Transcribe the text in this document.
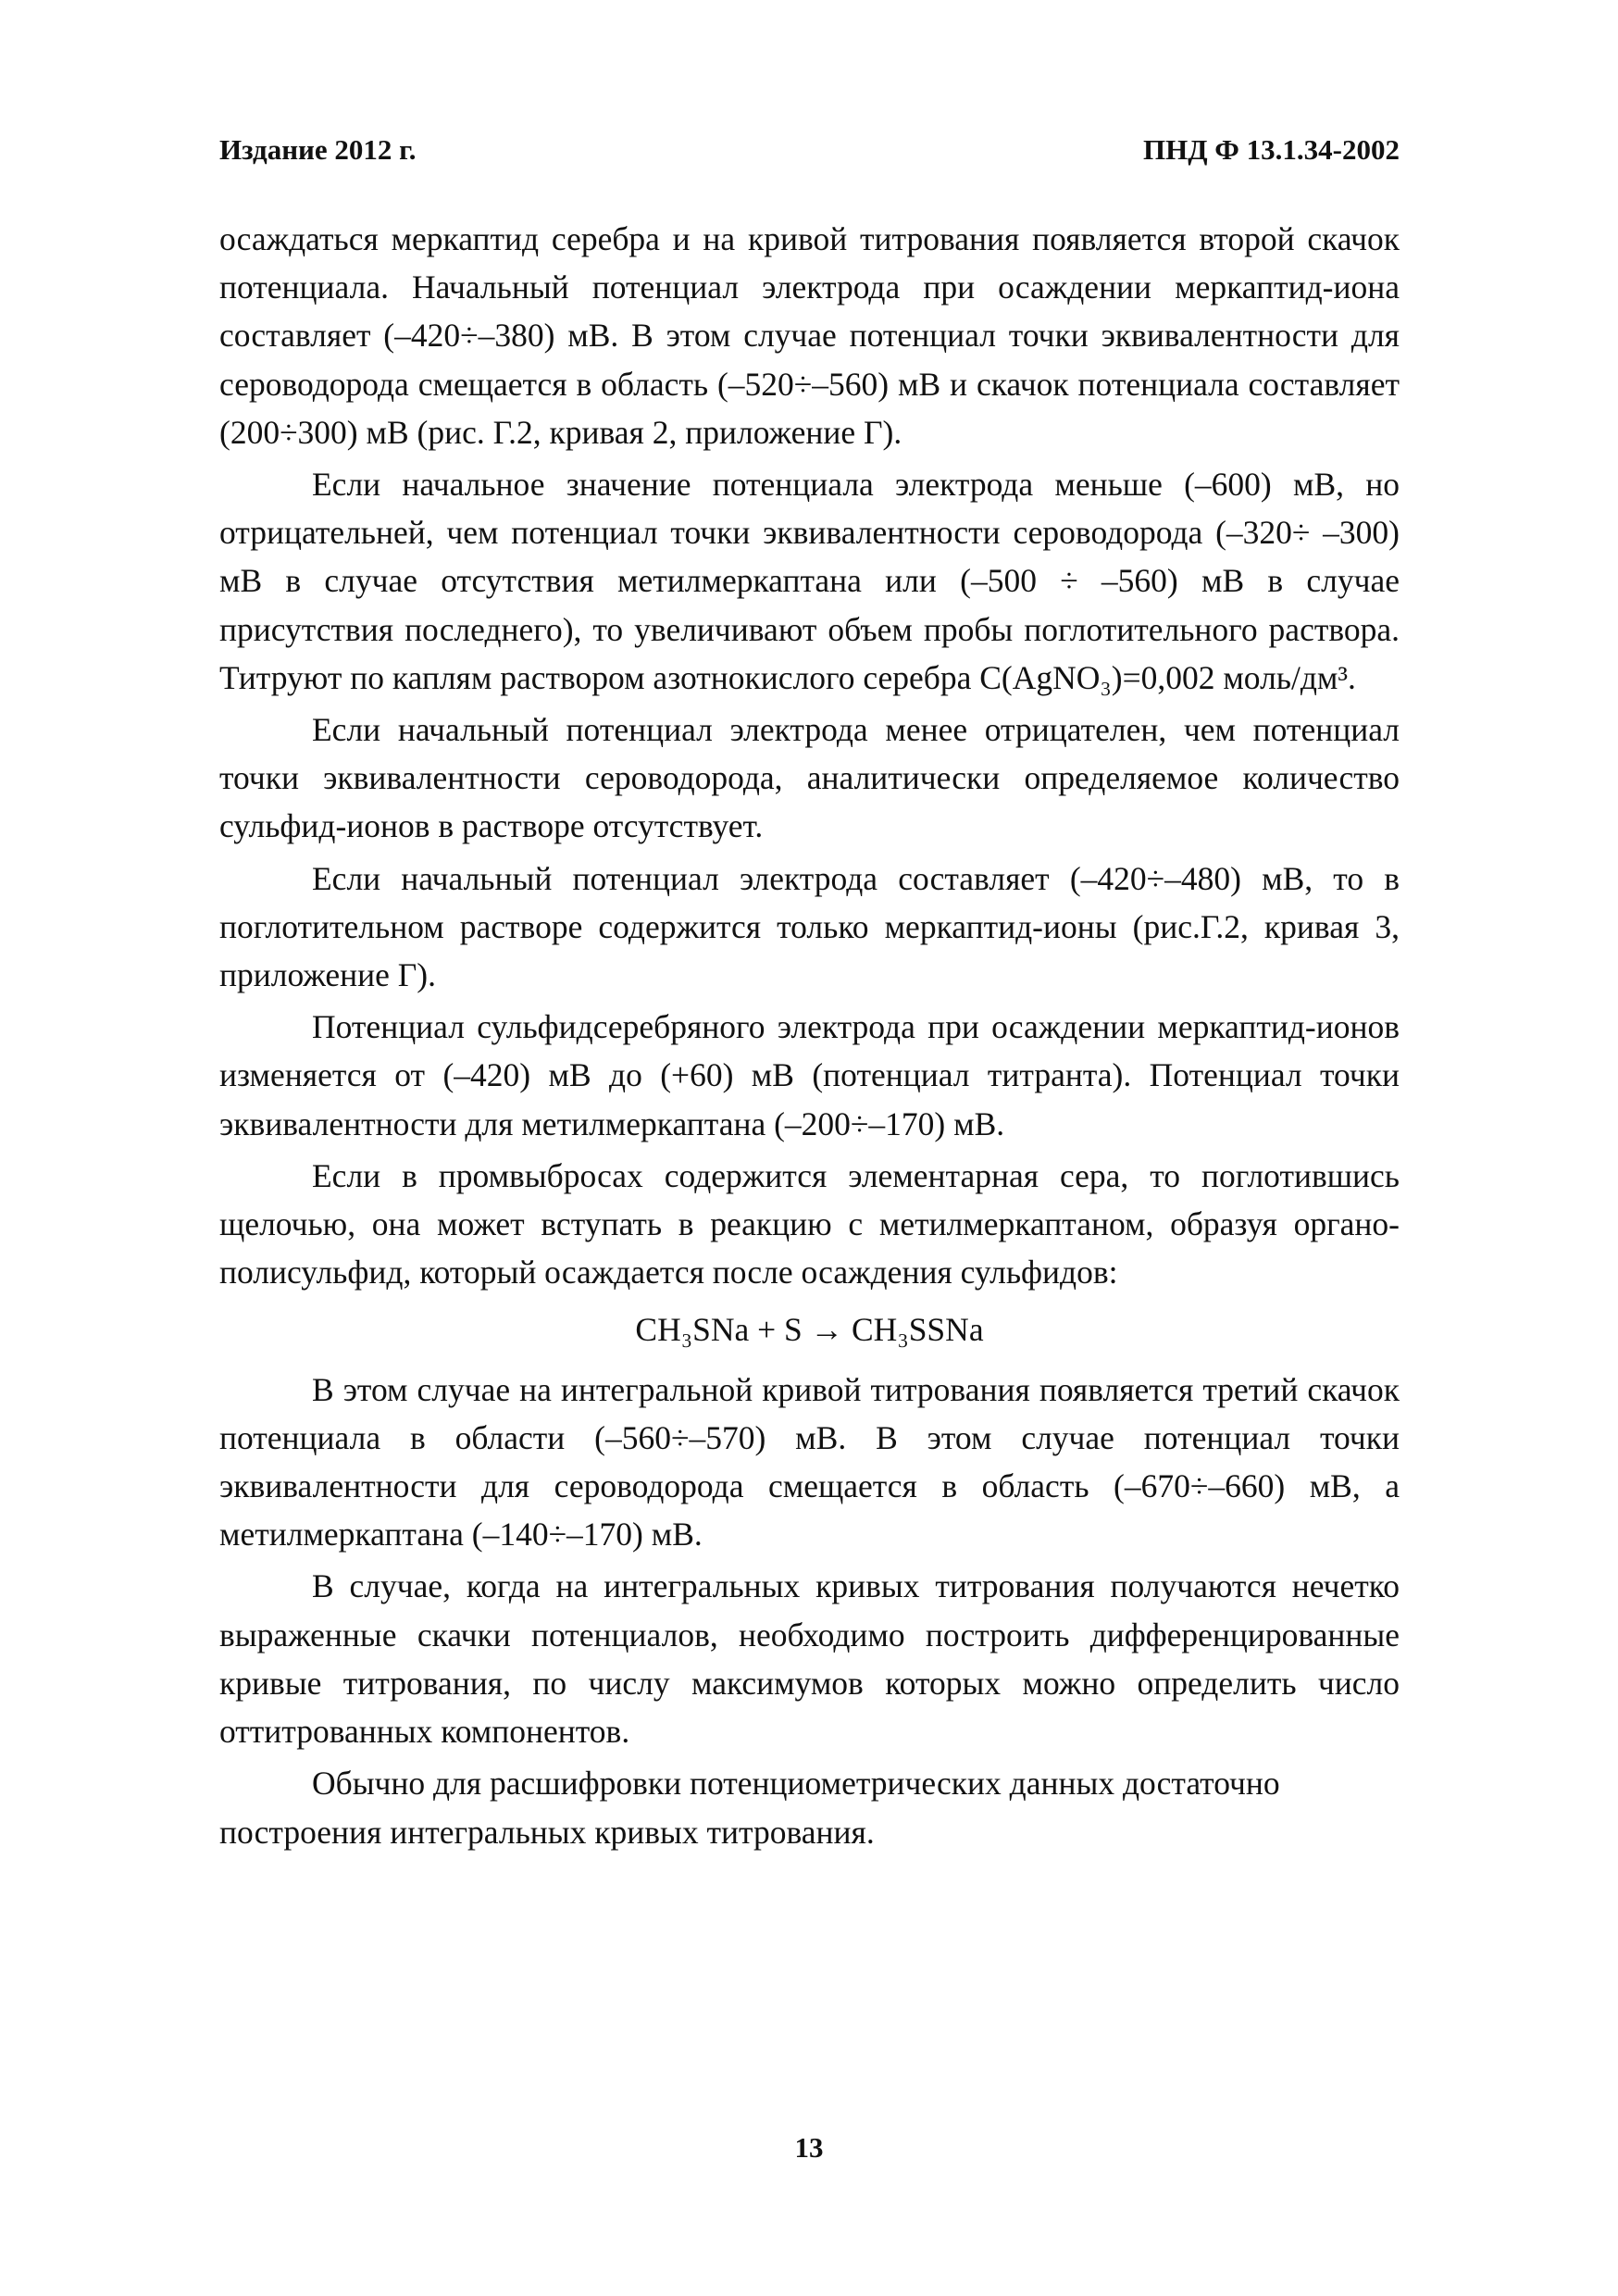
Издание 2012 г.	ПНД Ф 13.1.34-2002

осаждаться меркаптид серебра и на кривой титрования появляется второй скачок потенциала. Начальный потенциал электрода при осаждении меркаптид-иона составляет (–420÷–380) мВ. В этом случае потенциал точки эквивалентности для сероводорода смещается в область (–520÷–560) мВ и скачок потенциала составляет (200÷300) мВ (рис. Г.2, кривая 2, приложение Г).

Если начальное значение потенциала электрода меньше (–600) мВ, но отрицательней, чем потенциал точки эквивалентности сероводорода (–320÷ –300) мВ в случае отсутствия метилмеркаптана или (–500 ÷ –560) мВ в случае присутствия последнего), то увеличивают объем пробы поглотительного раствора. Титруют по каплям раствором азотнокислого серебра С(AgNO₃)=0,002 моль/дм³.

Если начальный потенциал электрода менее отрицателен, чем потенциал точки эквивалентности сероводорода, аналитически определяемое количество сульфид-ионов в растворе отсутствует.

Если начальный потенциал электрода составляет (–420÷–480) мВ, то в поглотительном растворе содержится только меркаптид-ионы (рис.Г.2, кривая 3, приложение Г).

Потенциал сульфидсеребряного электрода при осаждении меркаптид-ионов изменяется от (–420) мВ до (+60) мВ (потенциал титранта). Потенциал точки эквивалентности для метилмеркаптана (–200÷–170) мВ.

Если в промвыбросах содержится элементарная сера, то поглотившись щелочью, она может вступать в реакцию с метилмеркаптаном, образуя органо-полисульфид, который осаждается после осаждения сульфидов:

CH₃SNa + S → CH₃SSNa

В этом случае на интегральной кривой титрования появляется третий скачок потенциала в области (–560÷–570) мВ. В этом случае потенциал точки эквивалентности для сероводорода смещается в область (–670÷–660) мВ, а метилмеркаптана (–140÷–170) мВ.

В случае, когда на интегральных кривых титрования получаются нечетко выраженные скачки потенциалов, необходимо построить дифференцированные кривые титрования, по числу максимумов которых можно определить число оттитрованных компонентов.

Обычно для расшифровки потенциометрических данных достаточно построения интегральных кривых титрования.

13
